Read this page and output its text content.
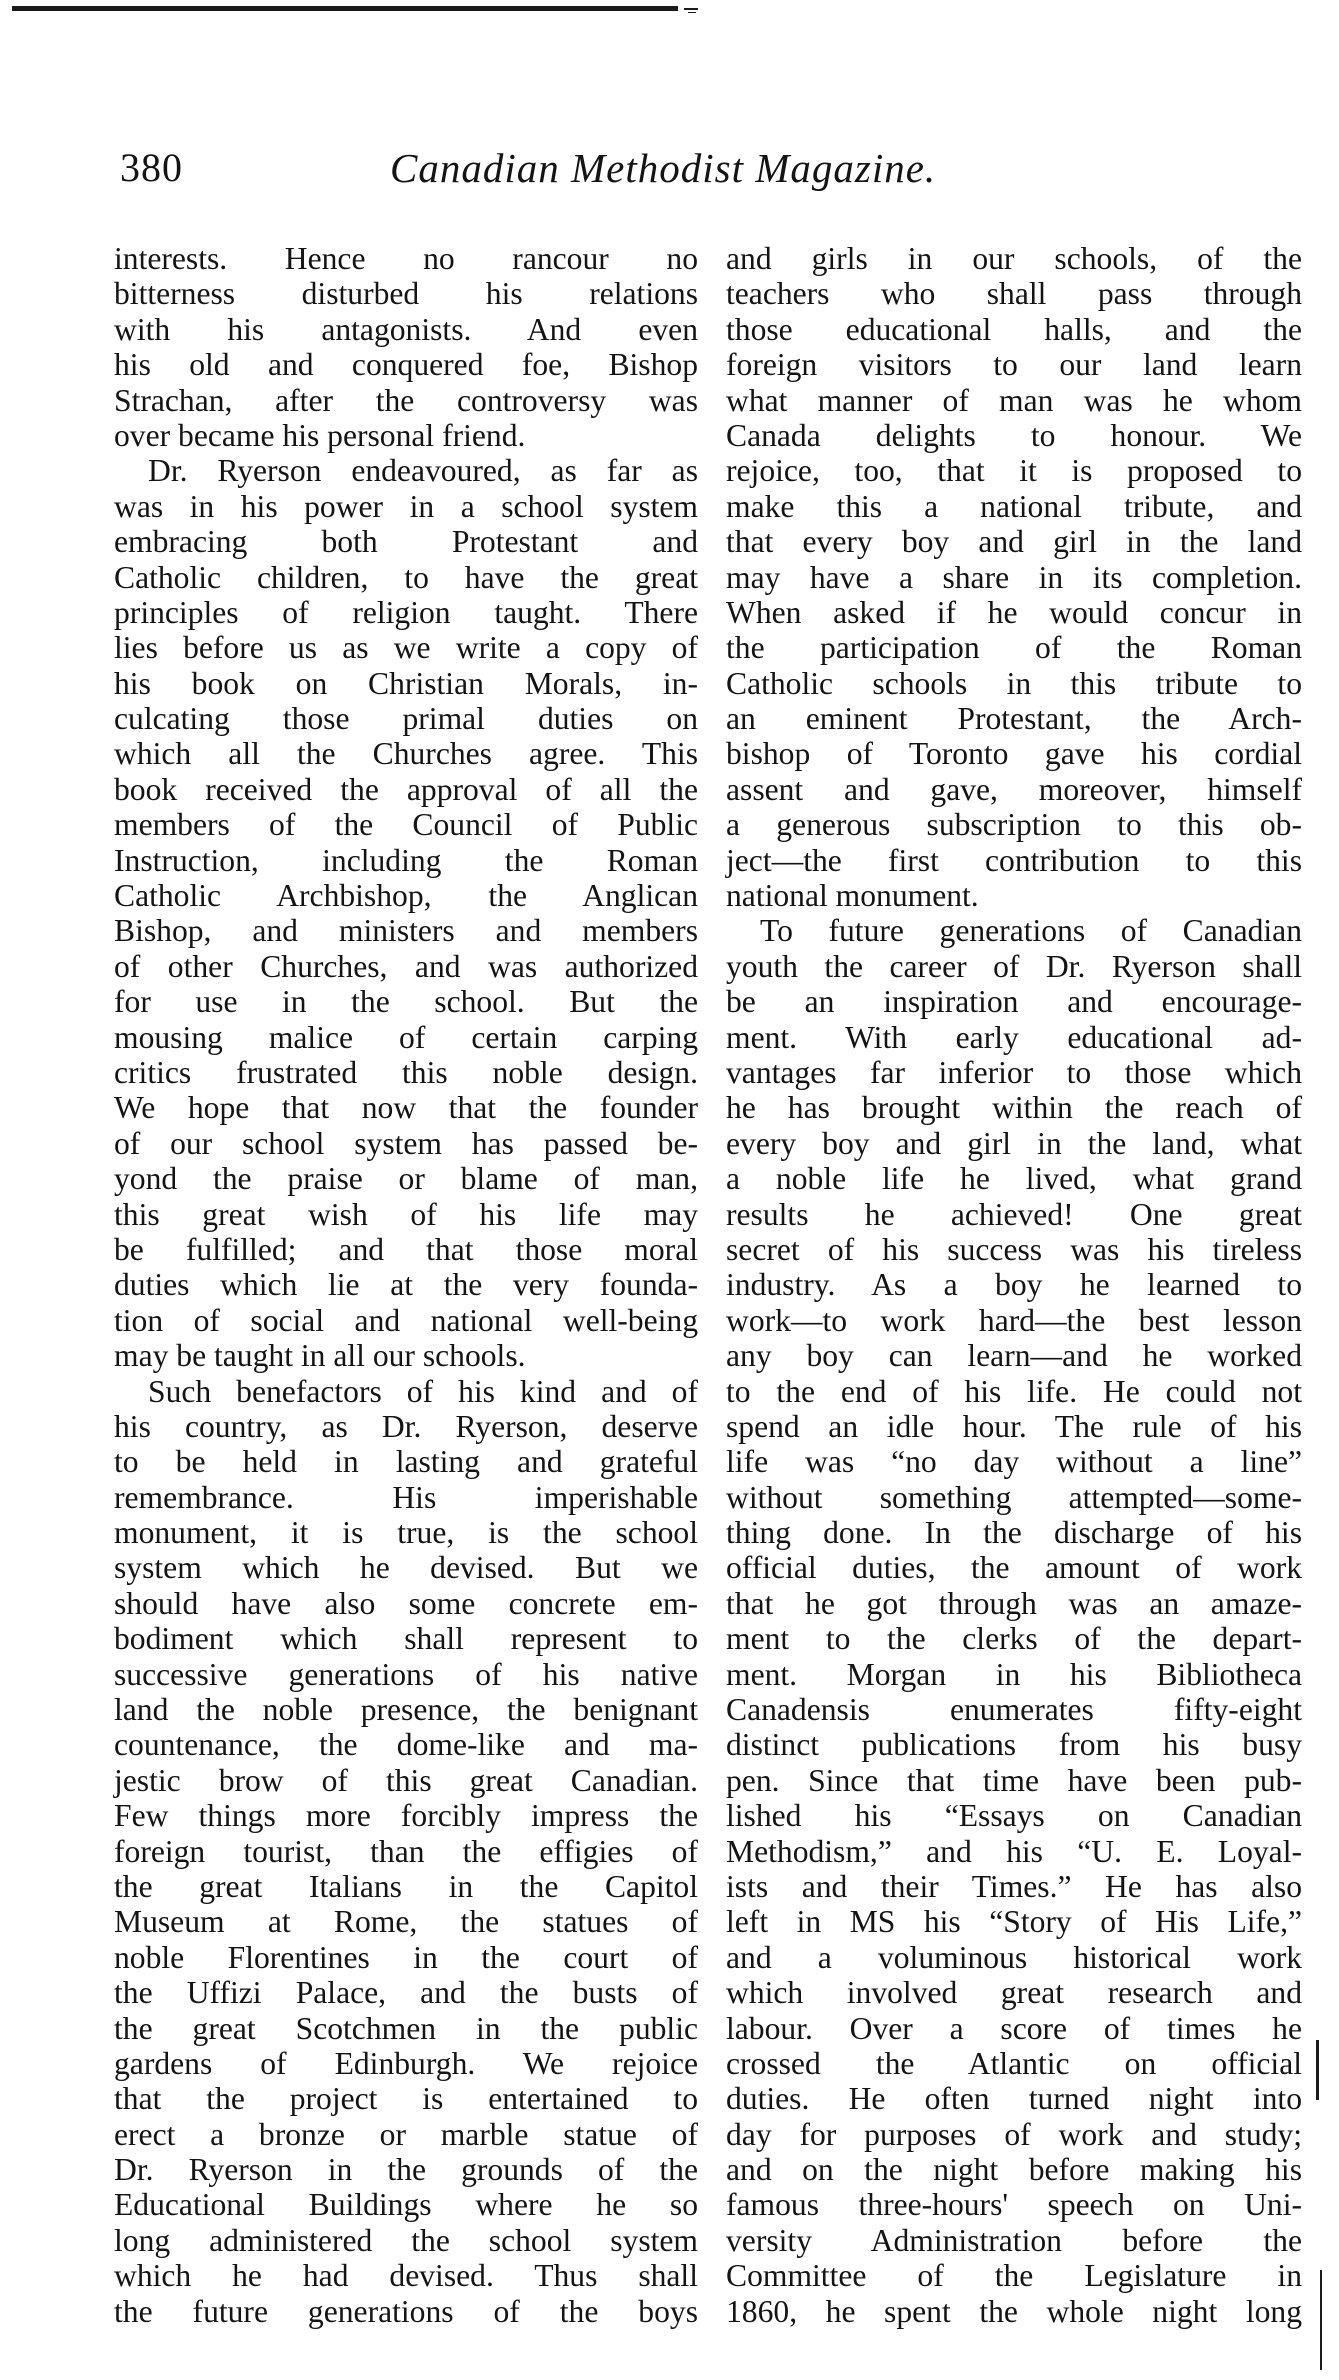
380	Canadian Methodist Magazine.
interests. Hence no rancour no
bitterness disturbed his relations
with his antagonists. And even
his old and conquered foe, Bishop
Strachan, after the controversy was
over became his personal friend.
Dr. Ryerson endeavoured, as far as
was in his power in a school system
embracing both Protestant and
Catholic children, to have the great
principles of religion taught. There
lies before us as we write a copy of
his book on Christian Morals, in-
culcating those primal duties on
which all the Churches agree. This
book received the approval of all the
members of the Council of Public
Instruction, including the Roman
Catholic Archbishop, the Anglican
Bishop, and ministers and members
of other Churches, and was authorized
for use in the school. But the
mousing malice of certain carping
critics frustrated this noble design.
We hope that now that the founder
of our school system has passed be-
yond the praise or blame of man,
this great wish of his life may
be fulfilled; and that those moral
duties which lie at the very founda-
tion of social and national well-being
may be taught in all our schools.
Such benefactors of his kind and of
his country, as Dr. Ryerson, deserve
to be held in lasting and grateful
remembrance. His imperishable
monument, it is true, is the school
system which he devised. But we
should have also some concrete em-
bodiment which shall represent to
successive generations of his native
land the noble presence, the benignant
countenance, the dome-like and ma-
jestic brow of this great Canadian.
Few things more forcibly impress the
foreign tourist, than the effigies of
the great Italians in the Capitol
Museum at Rome, the statues of
noble Florentines in the court of
the Uffizi Palace, and the busts of
the great Scotchmen in the public
gardens of Edinburgh. We rejoice
that the project is entertained to
erect a bronze or marble statue of
Dr. Ryerson in the grounds of the
Educational Buildings where he so
long administered the school system
which he had devised. Thus shall
the future generations of the boys
and girls in our schools, of the
teachers who shall pass through
those educational halls, and the
foreign visitors to our land learn
what manner of man was he whom
Canada delights to honour. We
rejoice, too, that it is proposed to
make this a national tribute, and
that every boy and girl in the land
may have a share in its completion.
When asked if he would concur in
the participation of the Roman
Catholic schools in this tribute to
an eminent Protestant, the Arch-
bishop of Toronto gave his cordial
assent and gave, moreover, himself
a generous subscription to this ob-
ject—the first contribution to this
national monument.
To future generations of Canadian
youth the career of Dr. Ryerson shall
be an inspiration and encourage-
ment. With early educational ad-
vantages far inferior to those which
he has brought within the reach of
every boy and girl in the land, what
a noble life he lived, what grand
results he achieved! One great
secret of his success was his tireless
industry. As a boy he learned to
work—to work hard—the best lesson
any boy can learn—and he worked
to the end of his life. He could not
spend an idle hour. The rule of his
life was “no day without a line”
without something attempted—some-
thing done. In the discharge of his
official duties, the amount of work
that he got through was an amaze-
ment to the clerks of the depart-
ment. Morgan in his Bibliotheca
Canadensis enumerates fifty-eight
distinct publications from his busy
pen. Since that time have been pub-
lished his “Essays on Canadian
Methodism,” and his “U. E. Loyal-
ists and their Times.” He has also
left in MS his “Story of His Life,”
and a voluminous historical work
which involved great research and
labour. Over a score of times he
crossed the Atlantic on official
duties. He often turned night into
day for purposes of work and study;
and on the night before making his
famous three-hours' speech on Uni-
versity Administration before the
Committee of the Legislature in
1860, he spent the whole night long
